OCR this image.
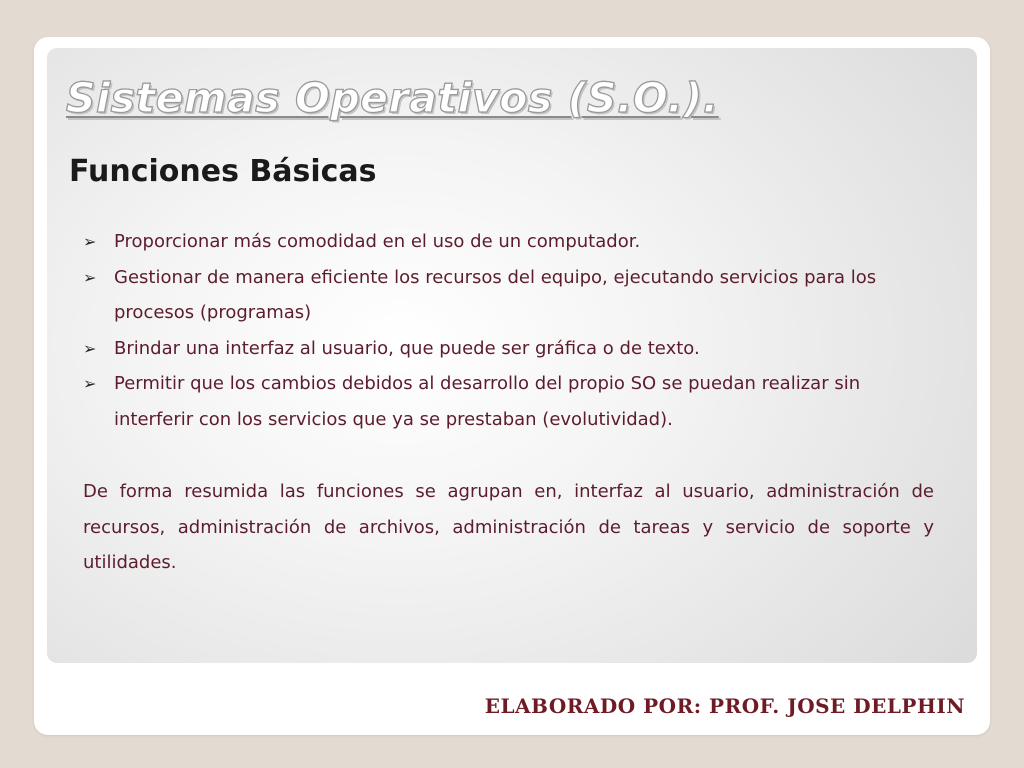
Sistemas Operativos (S.O.).
Funciones Básicas
➢ Proporcionar más comodidad en el uso de un computador.
➢ Gestionar de manera eficiente los recursos del equipo, ejecutando servicios para los procesos (programas)
➢ Brindar una interfaz al usuario, que puede ser gráfica o de texto.
➢ Permitir que los cambios debidos al desarrollo del propio SO se puedan realizar sin interferir con los servicios que ya se prestaban (evolutividad).

De forma resumida las funciones se agrupan en, interfaz al usuario, administración de recursos, administración de archivos, administración de tareas y servicio de soporte y utilidades.

ELABORADO POR: PROF. JOSE DELPHIN
